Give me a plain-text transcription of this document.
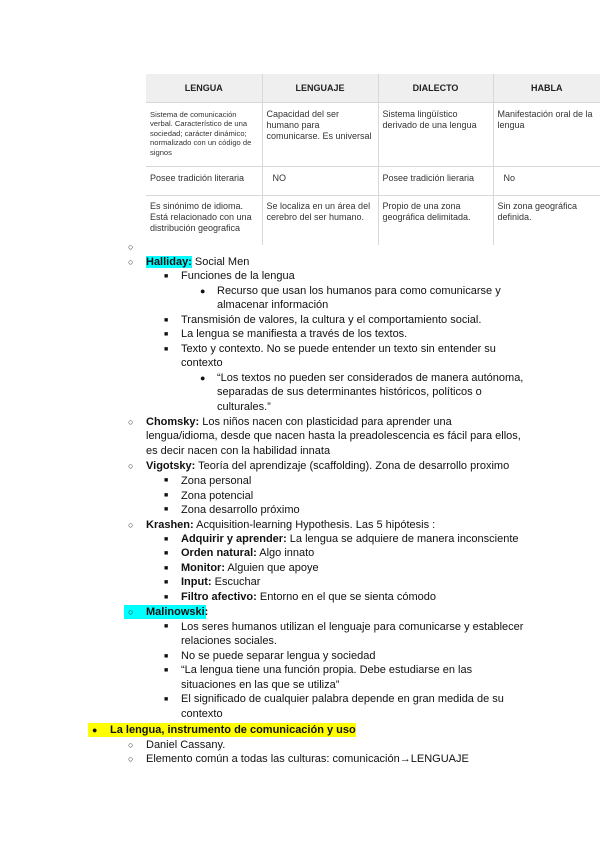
LENGUA	LENGUAJE	DIALECTO	HABLA
Sistema de comunicación verbal. Característico de una sociedad; carácter dinámico; normalizado con un código de signos	Capacidad del ser humano para comunicarse. Es universal	Sistema lingüístico derivado de una lengua	Manifestación oral de la lengua
Posee tradición literaria	NO	Posee tradición lieraria	No
Es sinónimo de idioma. Está relacionado con una distribución geografica	Se localiza en un área del cerebro del ser humano.	Propio de una zona geográfica delimitada.	Sin zona geográfica definida.
○
○ Halliday: Social Men
■ Funciones de la lengua
● Recurso que usan los humanos para como comunicarse y
almacenar información
■ Transmisión de valores, la cultura y el comportamiento social.
■ La lengua se manifiesta a través de los textos.
■ Texto y contexto. No se puede entender un texto sin entender su
contexto
● “Los textos no pueden ser considerados de manera autónoma,
separadas de sus determinantes históricos, políticos o
culturales.”
○ Chomsky: Los niños nacen con plasticidad para aprender una
lengua/idioma, desde que nacen hasta la preadolescencia es fácil para ellos,
es decir nacen con la habilidad innata
○ Vigotsky: Teoría del aprendizaje (scaffolding). Zona de desarrollo proximo
■ Zona personal
■ Zona potencial
■ Zona desarrollo próximo
○ Krashen: Acquisition-learning Hypothesis. Las 5 hipótesis :
■ Adquirir y aprender: La lengua se adquiere de manera inconsciente
■ Orden natural: Algo innato
■ Monitor: Alguien que apoye
■ Input: Escuchar
■ Filtro afectivo: Entorno en el que se sienta cómodo
○ Malinowski:
■ Los seres humanos utilizan el lenguaje para comunicarse y establecer
relaciones sociales.
■ No se puede separar lengua y sociedad
■ “La lengua tiene una función propia. Debe estudiarse en las
situaciones en las que se utiliza”
■ El significado de cualquier palabra depende en gran medida de su
contexto
● La lengua, instrumento de comunicación y uso
○ Daniel Cassany.
○ Elemento común a todas las culturas: comunicación→LENGUAJE
